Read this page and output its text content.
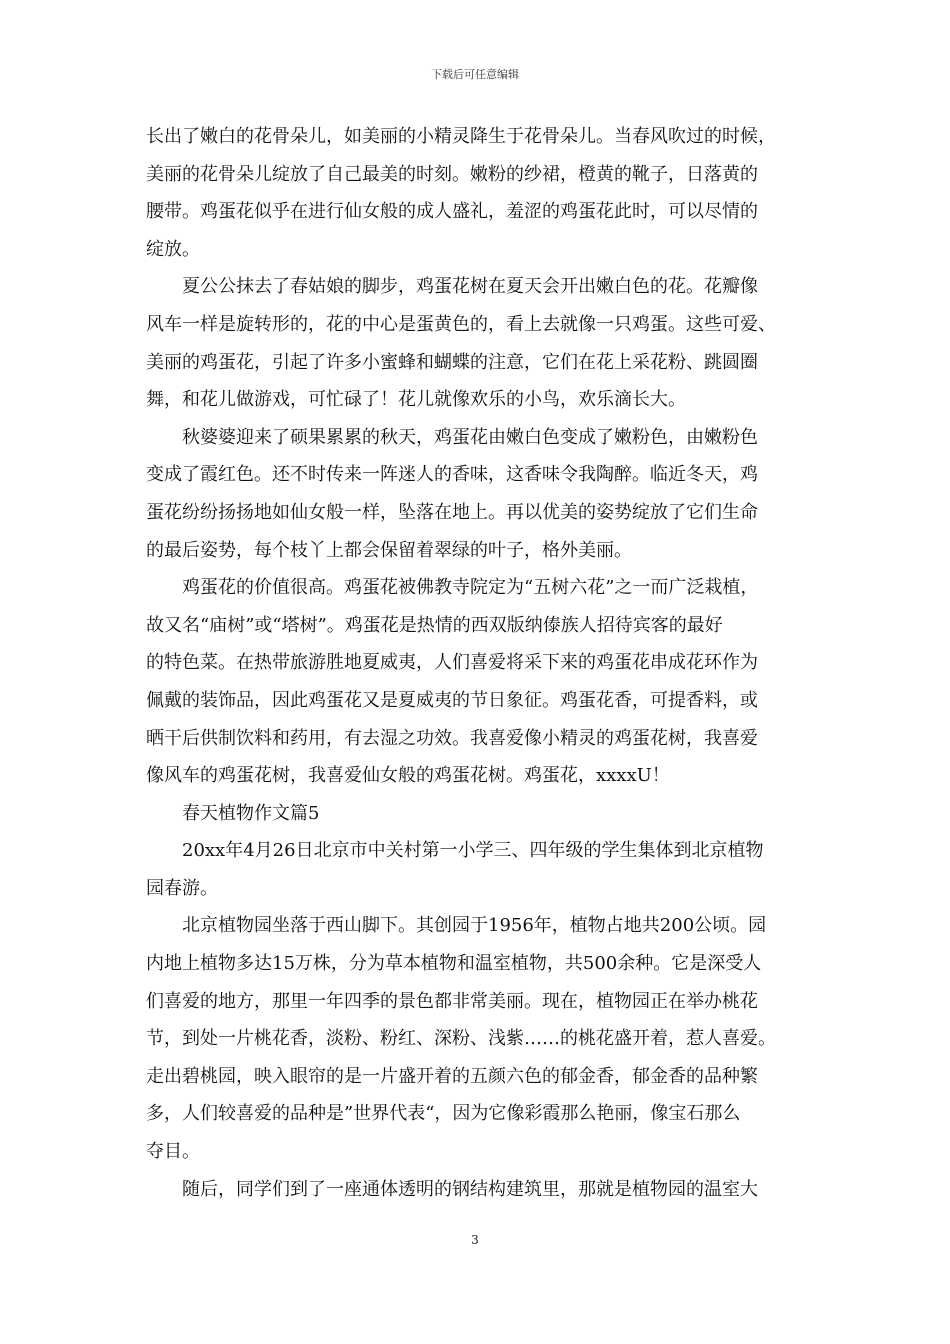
下载后可任意编辑
长出了嫩白的花骨朵儿，如美丽的小精灵降生于花骨朵儿。当春风吹过的时候，
美丽的花骨朵儿绽放了自己最美的时刻。嫩粉的纱裙，橙黄的靴子，日落黄的
腰带。鸡蛋花似乎在进行仙女般的成人盛礼，羞涩的鸡蛋花此时，可以尽情的
绽放。
夏公公抹去了春姑娘的脚步，鸡蛋花树在夏天会开出嫩白色的花。花瓣像
风车一样是旋转形的，花的中心是蛋黄色的，看上去就像一只鸡蛋。这些可爱、
美丽的鸡蛋花，引起了许多小蜜蜂和蝴蝶的注意，它们在花上采花粉、跳圆圈
舞，和花儿做游戏，可忙碌了！花儿就像欢乐的小鸟，欢乐滴长大。
秋婆婆迎来了硕果累累的秋天，鸡蛋花由嫩白色变成了嫩粉色，由嫩粉色
变成了霞红色。还不时传来一阵迷人的香味，这香味令我陶醉。临近冬天，鸡
蛋花纷纷扬扬地如仙女般一样，坠落在地上。再以优美的姿势绽放了它们生命
的最后姿势，每个枝丫上都会保留着翠绿的叶子，格外美丽。
鸡蛋花的价值很高。鸡蛋花被佛教寺院定为“五树六花”之一而广泛栽植，
故又名“庙树”或“塔树”。鸡蛋花是热情的西双版纳傣族人招待宾客的最好
的特色菜。在热带旅游胜地夏威夷，人们喜爱将采下来的鸡蛋花串成花环作为
佩戴的装饰品，因此鸡蛋花又是夏威夷的节日象征。鸡蛋花香，可提香料，或
晒干后供制饮料和药用，有去湿之功效。我喜爱像小精灵的鸡蛋花树，我喜爱
像风车的鸡蛋花树，我喜爱仙女般的鸡蛋花树。鸡蛋花，xxxxU！
春天植物作文篇5
20xx年4月26日北京市中关村第一小学三、四年级的学生集体到北京植物
园春游。
北京植物园坐落于西山脚下。其创园于1956年，植物占地共200公顷。园
内地上植物多达15万株，分为草本植物和温室植物，共500余种。它是深受人
们喜爱的地方，那里一年四季的景色都非常美丽。现在，植物园正在举办桃花
节，到处一片桃花香，淡粉、粉红、深粉、浅紫……的桃花盛开着，惹人喜爱。
走出碧桃园，映入眼帘的是一片盛开着的五颜六色的郁金香，郁金香的品种繁
多，人们较喜爱的品种是”世界代表“，因为它像彩霞那么艳丽，像宝石那么
夺目。
随后，同学们到了一座通体透明的钢结构建筑里，那就是植物园的温室大
3
